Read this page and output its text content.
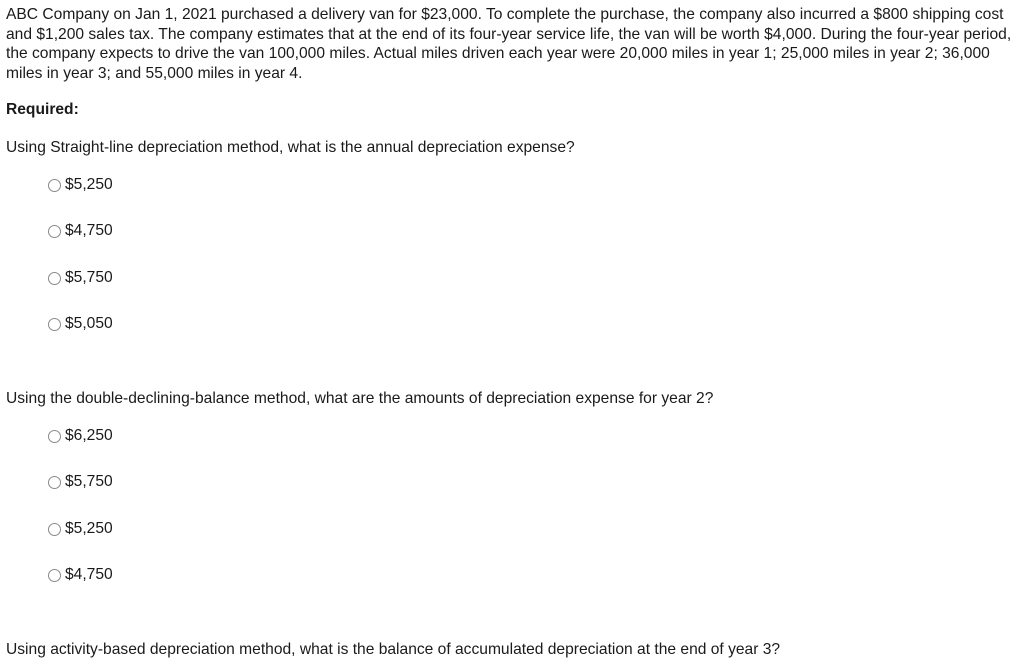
ABC Company on Jan 1, 2021 purchased a delivery van for $23,000. To complete the purchase, the company also incurred a $800 shipping cost and $1,200 sales tax. The company estimates that at the end of its four-year service life, the van will be worth $4,000. During the four-year period, the company expects to drive the van 100,000 miles. Actual miles driven each year were 20,000 miles in year 1; 25,000 miles in year 2; 36,000 miles in year 3; and 55,000 miles in year 4.

Required:

Using Straight-line depreciation method, what is the annual depreciation expense?

$5,250
$4,750
$5,750
$5,050

Using the double-declining-balance method, what are the amounts of depreciation expense for year 2?

$6,250
$5,750
$5,250
$4,750

Using activity-based depreciation method, what is the balance of accumulated depreciation at the end of year 3?
